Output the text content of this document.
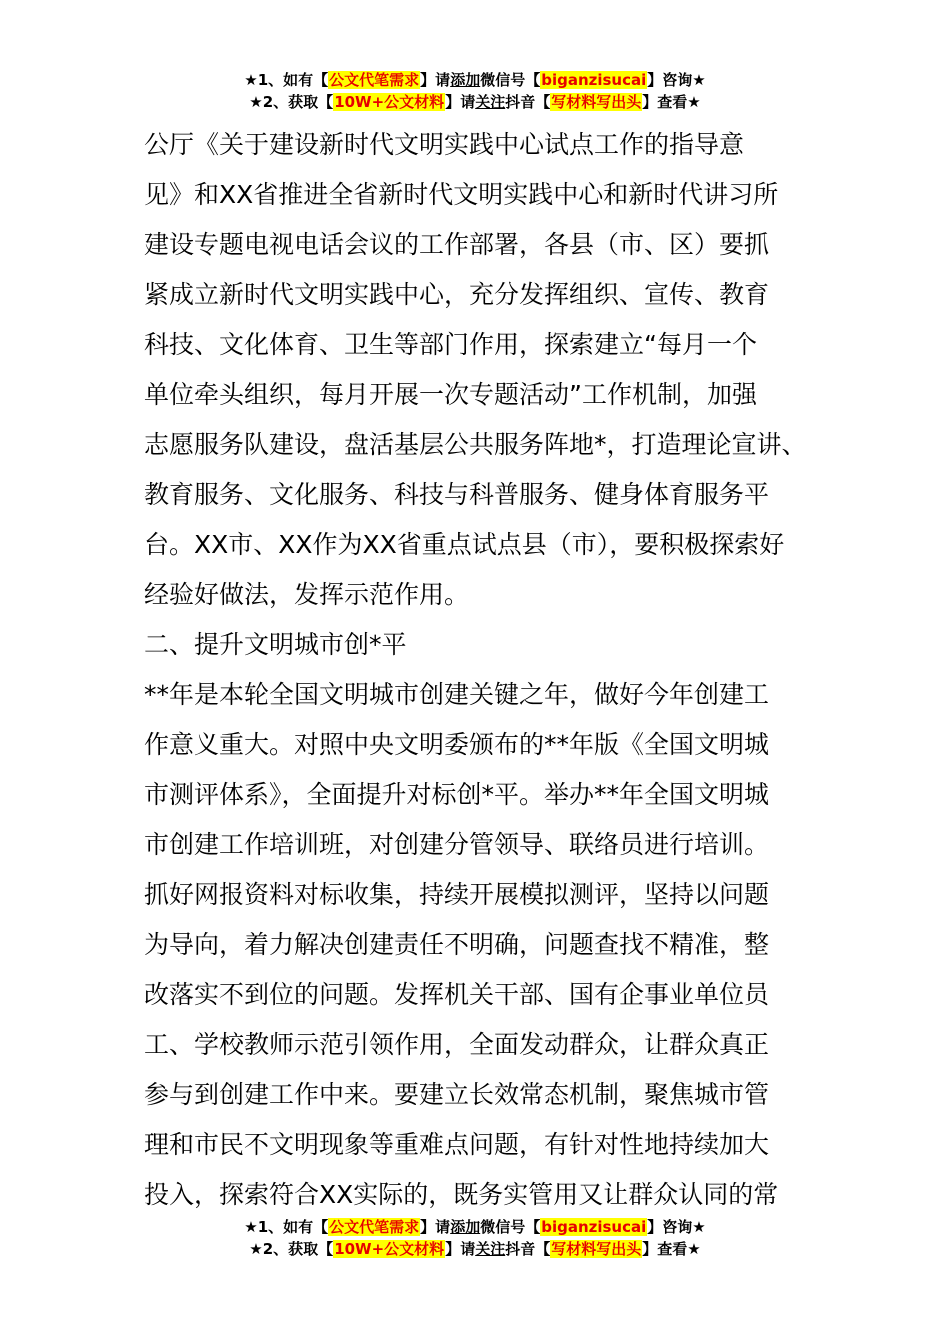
★1、如有【公文代笔需求】请添加微信号【biganzisucai】咨询★
★2、获取【10W+公文材料】请关注抖音【写材料写出头】查看★
公厅《关于建设新时代文明实践中心试点工作的指导意
见》和XX省推进全省新时代文明实践中心和新时代讲习所
建设专题电视电话会议的工作部署，各县（市、区）要抓
紧成立新时代文明实践中心，充分发挥组织、宣传、教育
科技、文化体育、卫生等部门作用，探索建立“每月一个
单位牵头组织，每月开展一次专题活动”工作机制，加强
志愿服务队建设，盘活基层公共服务阵地*，打造理论宣讲、
教育服务、文化服务、科技与科普服务、健身体育服务平
台。XX市、XX作为XX省重点试点县（市），要积极探索好
经验好做法，发挥示范作用。
二、提升文明城市创*平
**年是本轮全国文明城市创建关键之年，做好今年创建工
作意义重大。对照中央文明委颁布的**年版《全国文明城
市测评体系》，全面提升对标创*平。举办**年全国文明城
市创建工作培训班，对创建分管领导、联络员进行培训。
抓好网报资料对标收集，持续开展模拟测评，坚持以问题
为导向，着力解决创建责任不明确，问题查找不精准，整
改落实不到位的问题。发挥机关干部、国有企事业单位员
工、学校教师示范引领作用，全面发动群众，让群众真正
参与到创建工作中来。要建立长效常态机制，聚焦城市管
理和市民不文明现象等重难点问题，有针对性地持续加大
投入，探索符合XX实际的，既务实管用又让群众认同的常
★1、如有【公文代笔需求】请添加微信号【biganzisucai】咨询★
★2、获取【10W+公文材料】请关注抖音【写材料写出头】查看★
